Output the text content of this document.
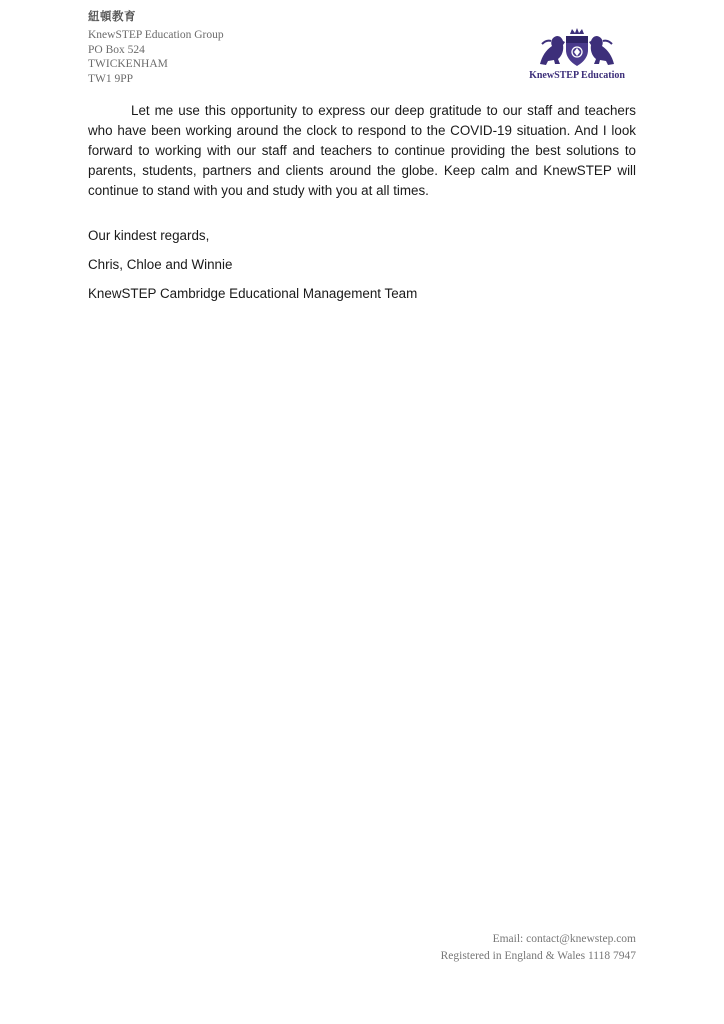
紐頓教育
KnewSTEP Education Group
PO Box 524
TWICKENHAM
TW1 9PP	KnewSTEP Education

Let me use this opportunity to express our deep gratitude to our staff and teachers who have been working around the clock to respond to the COVID-19 situation. And I look forward to working with our staff and teachers to continue providing the best solutions to parents, students, partners and clients around the globe. Keep calm and KnewSTEP will continue to stand with you and study with you at all times.

Our kindest regards,
Chris, Chloe and Winnie
KnewSTEP Cambridge Educational Management Team
Email: contact@knewstep.com
Registered in England & Wales 1118 7947
